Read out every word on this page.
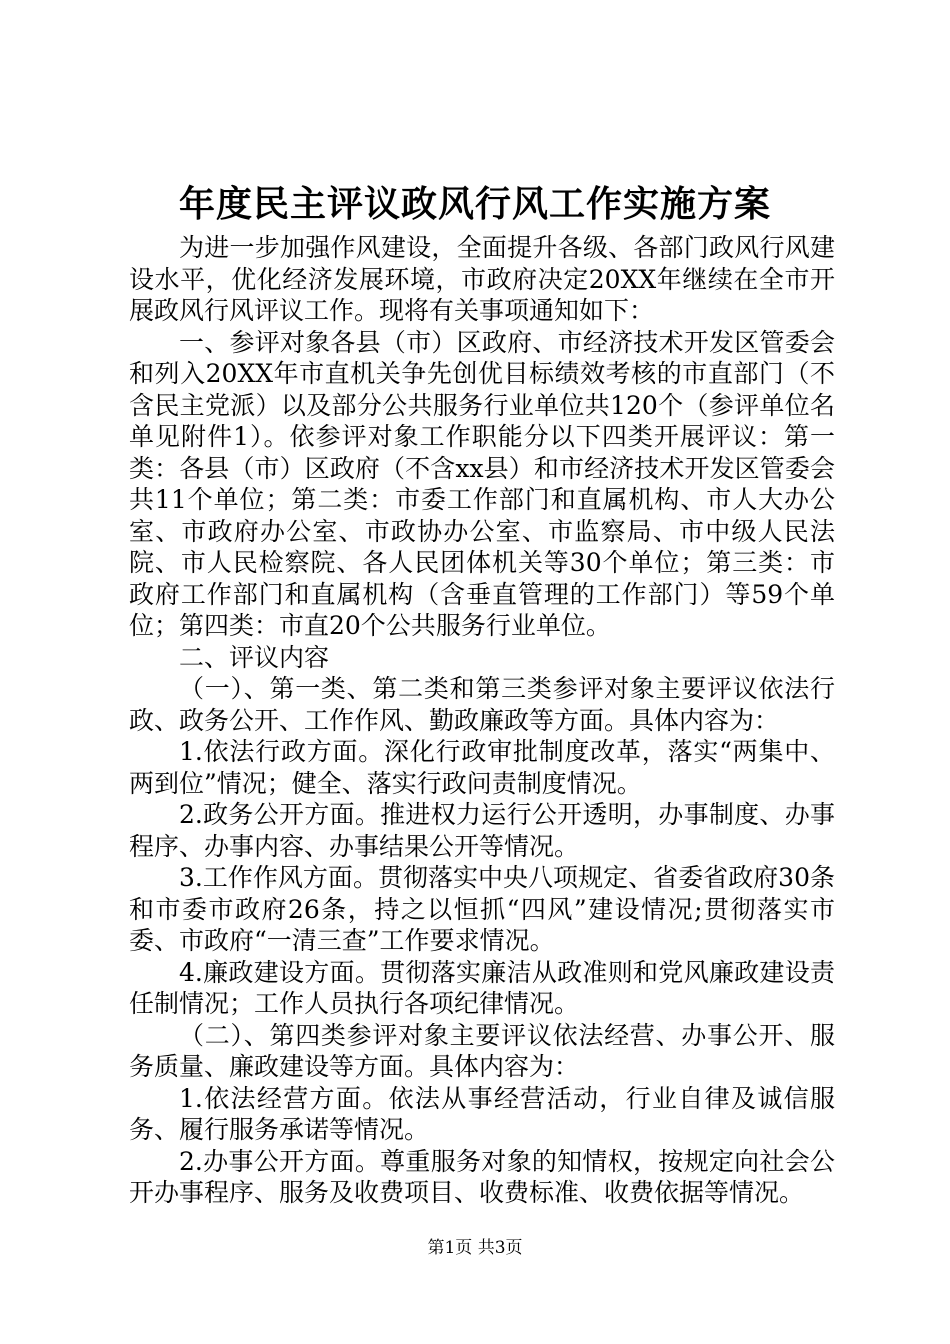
年度民主评议政风行风工作实施方案

为进一步加强作风建设，全面提升各级、各部门政风行风建设水平，优化经济发展环境，市政府决定20XX年继续在全市开展政风行风评议工作。现将有关事项通知如下：

一、参评对象各县（市）区政府、市经济技术开发区管委会和列入20XX年市直机关争先创优目标绩效考核的市直部门（不含民主党派）以及部分公共服务行业单位共120个（参评单位名单见附件1）。依参评对象工作职能分以下四类开展评议：第一类：各县（市）区政府（不含xx县）和市经济技术开发区管委会共11个单位；第二类：市委工作部门和直属机构、市人大办公室、市政府办公室、市政协办公室、市监察局、市中级人民法院、市人民检察院、各人民团体机关等30个单位；第三类：市政府工作部门和直属机构（含垂直管理的工作部门）等59个单位；第四类：市直20个公共服务行业单位。

二、评议内容

（一）、第一类、第二类和第三类参评对象主要评议依法行政、政务公开、工作作风、勤政廉政等方面。具体内容为：

1.依法行政方面。深化行政审批制度改革，落实“两集中、两到位”情况；健全、落实行政问责制度情况。

2.政务公开方面。推进权力运行公开透明，办事制度、办事程序、办事内容、办事结果公开等情况。

3.工作作风方面。贯彻落实中央八项规定、省委省政府30条和市委市政府26条，持之以恒抓“四风”建设情况;贯彻落实市委、市政府“一清三查”工作要求情况。

4.廉政建设方面。贯彻落实廉洁从政准则和党风廉政建设责任制情况；工作人员执行各项纪律情况。

（二）、第四类参评对象主要评议依法经营、办事公开、服务质量、廉政建设等方面。具体内容为：

1.依法经营方面。依法从事经营活动，行业自律及诚信服务、履行服务承诺等情况。

2.办事公开方面。尊重服务对象的知情权，按规定向社会公开办事程序、服务及收费项目、收费标准、收费依据等情况。

第1页 共3页
